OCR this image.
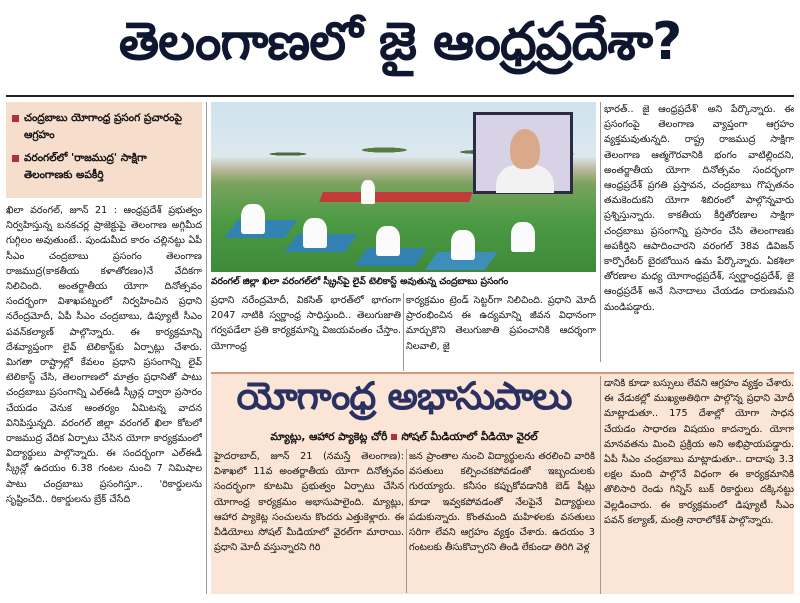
తెలంగాణలో జై ఆంధ్రప్రదేశా?
చంద్రబాబు యోగాంధ్ర ప్రసంగ ప్రచారంపై ఆగ్రహం
వరంగల్‌లో 'రాజముద్ర' సాక్షిగా తెలంగాణకు అపకీర్తి

ఖిలా వరంగల్, జూన్ 21 : ఆంధ్రప్రదేశ్ ప్రభుత్వం నిర్వహిస్తున్న బనకచర్ల ప్రాజెక్టుపై తెలంగాణ అగ్గిమీద గుగ్గిలం అవుతుంటే.. పుండుమీద కారం చల్లినట్టు ఏపీ సీఎం చంద్రబాబు ప్రసంగం తెలంగాణ రాజముద్ర(కాకతీయ కళాతోరణం)నే వేదికగా నిలిచింది. అంతర్జాతీయ యోగా దినోత్సవం సందర్భంగా విశాఖపట్నంలో నిర్వహించిన ప్రధాని నరేంద్రమోదీ, ఏపీ సీఎం చంద్రబాబు, డిప్యూటీ సీఎం పవన్‌కల్యాణ్ పాల్గొన్నారు. ఈ కార్యక్రమాన్ని దేశవ్యాప్తంగా లైవ్ టెలికాస్ట్‌కు ఏర్పాట్లు చేశారు. మిగతా రాష్ట్రాల్లో కేవలం ప్రధాని ప్రసంగాన్ని లైవ్ టెలికాస్ట్ చేసి, తెలంగాణలో మాత్రం ప్రధానితో పాటు చంద్రబాబు ప్రసంగాన్ని ఎల్‌ఈడీ స్క్రీన్ల ద్వారా ప్రసారం చేయడం వెనుక ఆంతర్యం ఏమిటన్న వాదన వినిపిస్తున్నది. వరంగల్ జిల్లా వరంగల్ ఖిలా కోటలో రాజముద్ర వేదిక ఏర్పాటు చేసిన యోగా కార్యక్రమంలో విద్యార్థులు పాల్గొన్నారు. ఈ సందర్భంగా ఎల్‌ఈడీ స్క్రీన్లో ఉదయం 6.38 గంటల నుంచి 7 నిమిషాల పాటు చంద్రబాబు ప్రసంగిస్తూ.. 'రికార్డులను సృష్టించేది.. రికార్డులను బ్రేక్ చేసేది

వరంగల్ జిల్లా ఖిలా వరంగల్‌లో స్క్రీన్‌పై లైవ్ టెలికాస్ట్ అవుతున్న చంద్రబాబు ప్రసంగం

ప్రధాని నరేంద్రమోదీ, వికసిత్ భారత్‌లో భాగంగా 2047 నాటికి స్వర్ణాంధ్ర సాధిస్తుంది.. తెలుగుజాతి గర్వపడేలా ప్రతి కార్యక్రమాన్ని విజయవంతం చేస్తాం. యోగాంధ్ర

కార్యక్రమం ట్రెండ్ సెట్టర్‌గా నిలిచింది. ప్రధాని మోదీ ప్రారంభించిన ఈ ఉద్యమాన్ని జీవన విధానంగా మార్చుకొని తెలుగుజాతి ప్రపంచానికి ఆదర్శంగా నిలవాలి, జై

భారత్.. జై ఆంధ్రప్రదేశ్' అని పేర్కొన్నారు. ఈ ప్రసంగంపై తెలంగాణ వ్యాప్తంగా ఆగ్రహం వ్యక్తమవుతున్నది. రాష్ట్ర రాజముద్ర సాక్షిగా తెలంగాణ ఆత్మగౌరవానికి భంగం వాటిల్లిందని, అంతర్జాతీయ యోగా దినోత్సవం సందర్భంగా ఆంధ్రప్రదేశ్ ప్రగతి ప్రస్తావన, చంద్రబాబు గొప్పతనం తమకెందుకని యోగా శిబిరంలో పాల్గొన్నవారు ప్రశ్నిస్తున్నారు. కాకతీయ కీర్తితోరణాల సాక్షిగా చంద్రబాబు ప్రసంగాన్ని ప్రసారం చేసి తెలంగాణకు అపకీర్తిని ఆపాదించారని వరంగల్ 38వ డివిజన్ కార్పొరేటర్ బైరబోయిన ఉమ పేర్కొన్నారు. ఏకశిలా తోరణాల మధ్య యోగాంధ్రప్రదేశ్, స్వర్ణాంధ్రప్రదేశ్, జై ఆంధ్రప్రదేశ్ అనే నినాదాలు చేయడం దారుణమని మండిపడ్డారు.

యోగాంధ్ర అభాసుపాలు
మ్యాట్లు, ఆహార ప్యాకెట్ల చోరీ సోషల్ మీడియాలో వీడియో వైరల్

హైదరాబాద్, జూన్ 21 (నమస్తే తెలంగాణ): విశాఖలో 11వ అంతర్జాతీయ యోగా దినోత్సవం సందర్భంగా కూటమి ప్రభుత్వం ఏర్పాటు చేసిన యోగాంధ్ర కార్యక్రమం అభాసుపాలైంది. మ్యాట్లు, ఆహార ప్యాకెట్ల సంచులను కొందరు ఎత్తుకెళ్లారు. ఈ వీడియోలు సోషల్ మీడియాలో వైరల్‌గా మారాయి. ప్రధాని మోదీ వస్తున్నారని గిరి

జన ప్రాంతాల నుంచి విద్యార్థులను తరలించి వారికి వసతులు కల్పించకపోవడంతో ఇబ్బందులకు గురయ్యారు. కనీసం కప్పుకోవడానికి బెడ్ షీట్లు కూడా ఇవ్వకపోవడంతో నేలపైనే విద్యార్థులు పడుకున్నారు. కొంతమంది మహిళలకు వసతులు సరిగా లేవని ఆగ్రహం వ్యక్తం చేశారు. ఉదయం 3 గంటలకు తీసుకొచ్చారని తిండి లేకుండా తిరిగి వెళ్ల

డానికి కూడా బస్సులు లేవని ఆగ్రహం వ్యక్తం చేశారు. ఈ వేడుకల్లో ముఖ్యఅతిథిగా పాల్గొన్న ప్రధాని మోదీ మాట్లాడుతూ.. 175 దేశాల్లో యోగా సాధన చేయడం సాధారణ విషయం కాదన్నారు. యోగా మానవతను మించి ప్రక్రియ అని అభిప్రాయపడ్డారు. ఏపీ సీఎం చంద్రబాబు మాట్లాడుతూ.. దాదాపు 3.3 లక్షల మంది పాల్గొనే విధంగా ఈ కార్యక్రమానికి తొలిసారి రెండు గిన్నిస్ బుక్ రికార్డులు దక్కినట్టు వెల్లడించారు. ఈ కార్యక్రమంలో డిప్యూటీ సీఎం పవన్ కల్యాణ్, మంత్రి నారాలోకేశ్ పాల్గొన్నారు.
